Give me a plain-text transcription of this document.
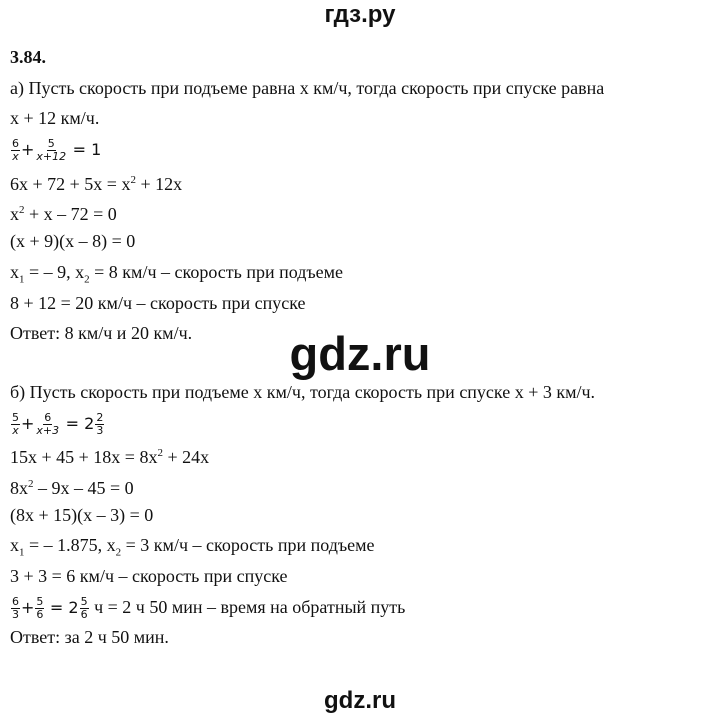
гдз.ру
3.84.
а) Пусть скорость при подъеме равна x км/ч, тогда скорость при спуске равна
x + 12 км/ч.
$\frac{6}{x} + \frac{5}{x+12} = 1$
$6x + 72 + 5x = x^2 + 12x$
$x^2 + x - 72 = 0$
(x + 9)(x – 8) = 0
$x_1$ = – 9, $x_2 = 8$ км/ч – скорость при подъеме
8 + 12 = 20 км/ч – скорость при спуске
Ответ: 8 км/ч и 20 км/ч.
б) Пусть скорость при подъеме x км/ч, тогда скорость при спуске x + 3 км/ч.
$\frac{5}{x} + \frac{6}{x+3} = 2 \frac{2}{3}$
$15x + 45 + 18x = 8x^2 + 24x$
$8x^2 - 9x - 45 = 0$
(8x + 15)(x – 3) = 0
$x_1$ = – 1.875, $x_2 = 3$ км/ч – скорость при подъеме
3 + 3 = 6 км/ч – скорость при спуске
$\frac{6}{3} + \frac{5}{6} = 2 \frac{5}{6}$ ч = 2 ч 50 мин – время на обратный путь
Ответ: за 2 ч 50 мин.
gdz.ru
gdz.ru
